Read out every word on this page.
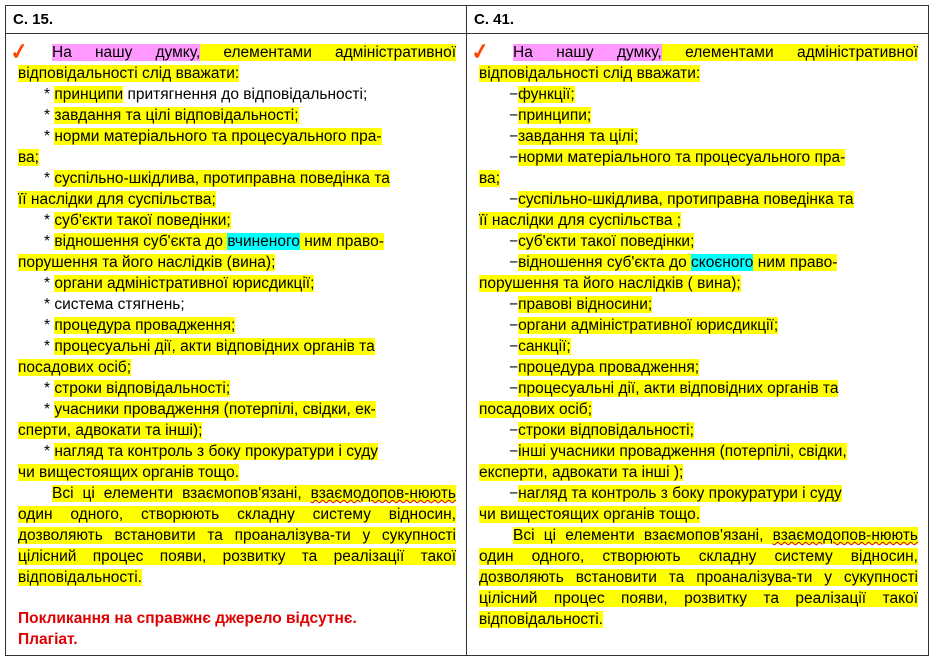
С. 15.
✓	На нашу думку, елементами адміністративної відповідальності слід вважати:

* принципи притягнення до відповідальності;

* завдання та цілі відповідальності;

* норми матеріального та процесуального пра-

ва;

* суспільно-шкідлива, протиправна поведінка та

її наслідки для суспільства;

* суб'єкти такої поведінки;

* відношення суб'єкта до вчиненого ним право-

порушення та його наслідків (вина);

* органи адміністративної юрисдикції;

* система стягнень;

* процедура провадження;

* процесуальні дії, акти відповідних органів та

посадових осіб;

* строки відповідальності;

* учасники провадження (потерпілі, свідки, ек-

сперти, адвокати та інші);

* нагляд та контроль з боку прокуратури і суду

чи вищестоящих органів тощо.

Всі ці елементи взаємопов'язані, взаємодопов-нюють один одного, створюють складну систему відносин, дозволяють встановити та проаналізува-ти у сукупності цілісний процес появи, розвитку та реалізації такої відповідальності.

Покликання на справжнє джерело відсутнє.
Плагіат.
С. 41.
✓	На нашу думку, елементами адміністративної відповідальності слід вважати:

−функції;

−принципи;

−завдання та цілі;

−норми матеріального та процесуального пра-

ва;

−суспільно-шкідлива, протиправна поведінка та

її наслідки для суспільства ;

−суб'єкти такої поведінки;

−відношення суб'єкта до скоєного ним право-

порушення та його наслідків ( вина);

−правові відносини;

−органи адміністративної юрисдикції;

−санкції;

−процедура провадження;

−процесуальні дії, акти відповідних органів та

посадових осіб;

−строки відповідальності;

−інші учасники провадження (потерпілі, свідки,

експерти, адвокати та інші );

−нагляд та контроль з боку прокуратури і суду

чи вищестоящих органів тощо.

Всі ці елементи взаємопов'язані, взаємодопов-нюють один одного, створюють складну систему відносин, дозволяють встановити та проаналізува-ти у сукупності цілісний процес появи, розвитку та реалізації такої відповідальності.
